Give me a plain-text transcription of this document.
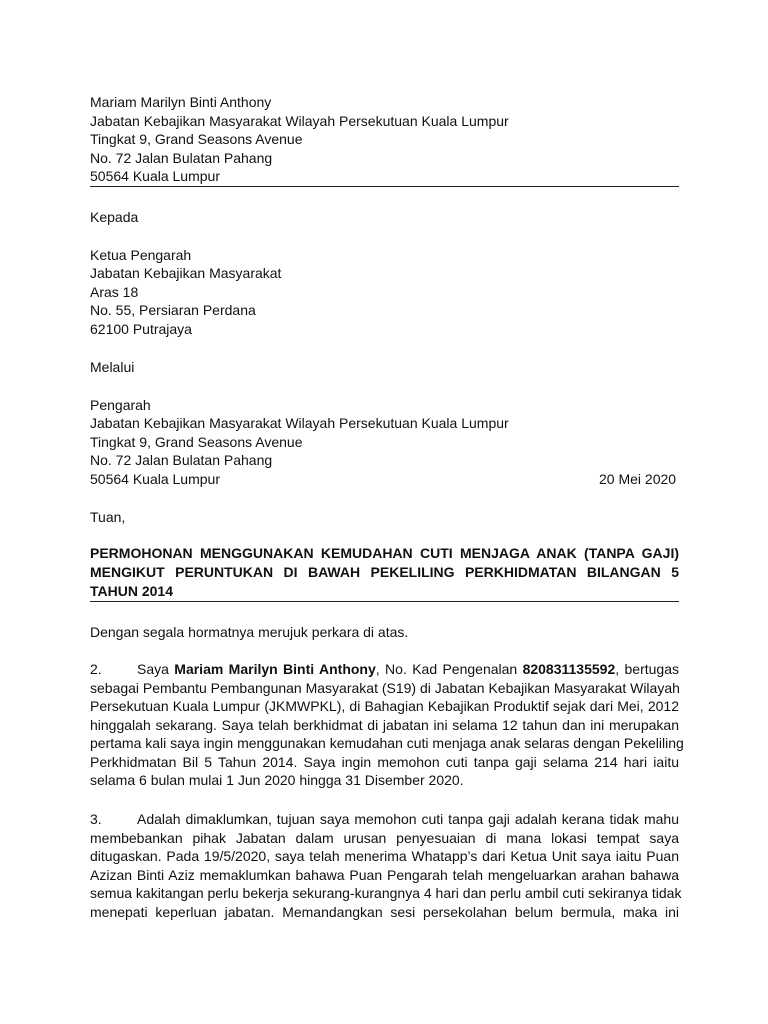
Mariam Marilyn Binti Anthony
Jabatan Kebajikan Masyarakat Wilayah Persekutuan Kuala Lumpur
Tingkat 9, Grand Seasons Avenue
No. 72 Jalan Bulatan Pahang
50564 Kuala Lumpur
Kepada
Ketua Pengarah
Jabatan Kebajikan Masyarakat
Aras 18
No. 55, Persiaran Perdana
62100 Putrajaya
Melalui
Pengarah
Jabatan Kebajikan Masyarakat Wilayah Persekutuan Kuala Lumpur
Tingkat 9, Grand Seasons Avenue
No. 72 Jalan Bulatan Pahang
50564 Kuala Lumpur	20 Mei 2020
Tuan,
PERMOHONAN MENGGUNAKAN KEMUDAHAN CUTI MENJAGA ANAK (TANPA GAJI)
MENGIKUT PERUNTUKAN DI BAWAH PEKELILING PERKHIDMATAN BILANGAN 5
TAHUN 2014
Dengan segala hormatnya merujuk perkara di atas.
2.	Saya Mariam Marilyn Binti Anthony, No. Kad Pengenalan 820831135592, bertugas
sebagai Pembantu Pembangunan Masyarakat (S19) di Jabatan Kebajikan Masyarakat Wilayah
Persekutuan Kuala Lumpur (JKMWPKL), di Bahagian Kebajikan Produktif sejak dari Mei, 2012
hinggalah sekarang. Saya telah berkhidmat di jabatan ini selama 12 tahun dan ini merupakan
pertama kali saya ingin menggunakan kemudahan cuti menjaga anak selaras dengan Pekeliling
Perkhidmatan Bil 5 Tahun 2014. Saya ingin memohon cuti tanpa gaji selama 214 hari iaitu
selama 6 bulan mulai 1 Jun 2020 hingga 31 Disember 2020.
3.	Adalah dimaklumkan, tujuan saya memohon cuti tanpa gaji adalah kerana tidak mahu
membebankan pihak Jabatan dalam urusan penyesuaian di mana lokasi tempat saya
ditugaskan. Pada 19/5/2020, saya telah menerima Whatapp’s dari Ketua Unit saya iaitu Puan
Azizan Binti Aziz memaklumkan bahawa Puan Pengarah telah mengeluarkan arahan bahawa
semua kakitangan perlu bekerja sekurang-kurangnya 4 hari dan perlu ambil cuti sekiranya tidak
menepati keperluan jabatan. Memandangkan sesi persekolahan belum bermula, maka ini
